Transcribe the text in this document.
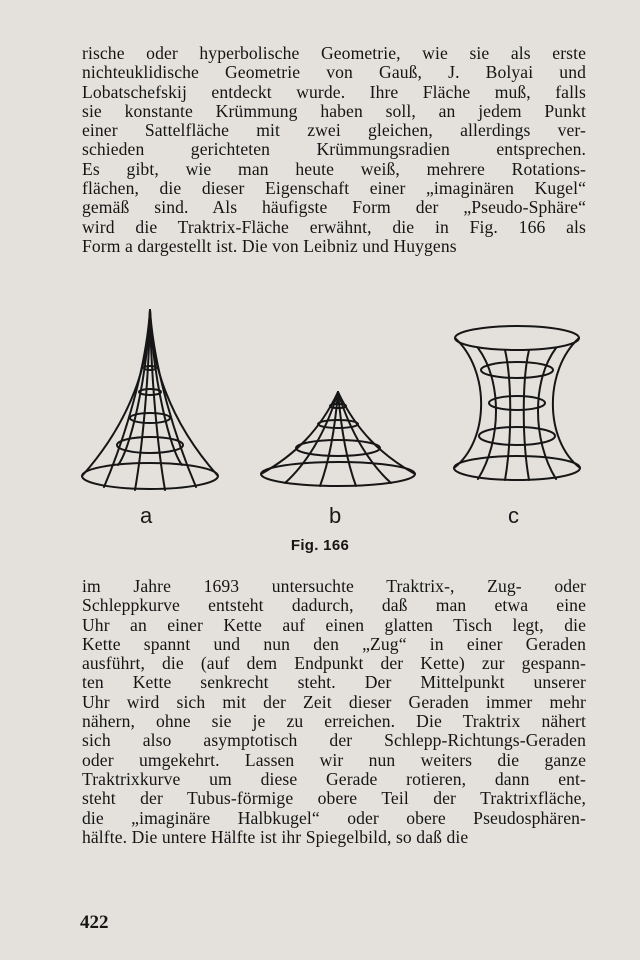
rische oder hyperbolische Geometrie, wie sie als erste
nichteuklidische Geometrie von Gauß, J. Bolyai und
Lobatschefskij entdeckt wurde. Ihre Fläche muß, falls
sie konstante Krümmung haben soll, an jedem Punkt
einer Sattelfläche mit zwei gleichen, allerdings ver-
schieden gerichteten Krümmungsradien entsprechen.
Es gibt, wie man heute weiß, mehrere Rotations-
flächen, die dieser Eigenschaft einer „imaginären Kugel“
gemäß sind. Als häufigste Form der „Pseudo-Sphäre“
wird die Traktrix-Fläche erwähnt, die in Fig. 166 als
Form a dargestellt ist. Die von Leibniz und Huygens
a	b	c
Fig. 166
im Jahre 1693 untersuchte Traktrix-, Zug- oder
Schleppkurve entsteht dadurch, daß man etwa eine
Uhr an einer Kette auf einen glatten Tisch legt, die
Kette spannt und nun den „Zug“ in einer Geraden
ausführt, die (auf dem Endpunkt der Kette) zur gespann-
ten Kette senkrecht steht. Der Mittelpunkt unserer
Uhr wird sich mit der Zeit dieser Geraden immer mehr
nähern, ohne sie je zu erreichen. Die Traktrix nähert
sich also asymptotisch der Schlepp-Richtungs-Geraden
oder umgekehrt. Lassen wir nun weiters die ganze
Traktrixkurve um diese Gerade rotieren, dann ent-
steht der Tubus-förmige obere Teil der Traktrixfläche,
die „imaginäre Halbkugel“ oder obere Pseudosphären-
hälfte. Die untere Hälfte ist ihr Spiegelbild, so daß die
422
